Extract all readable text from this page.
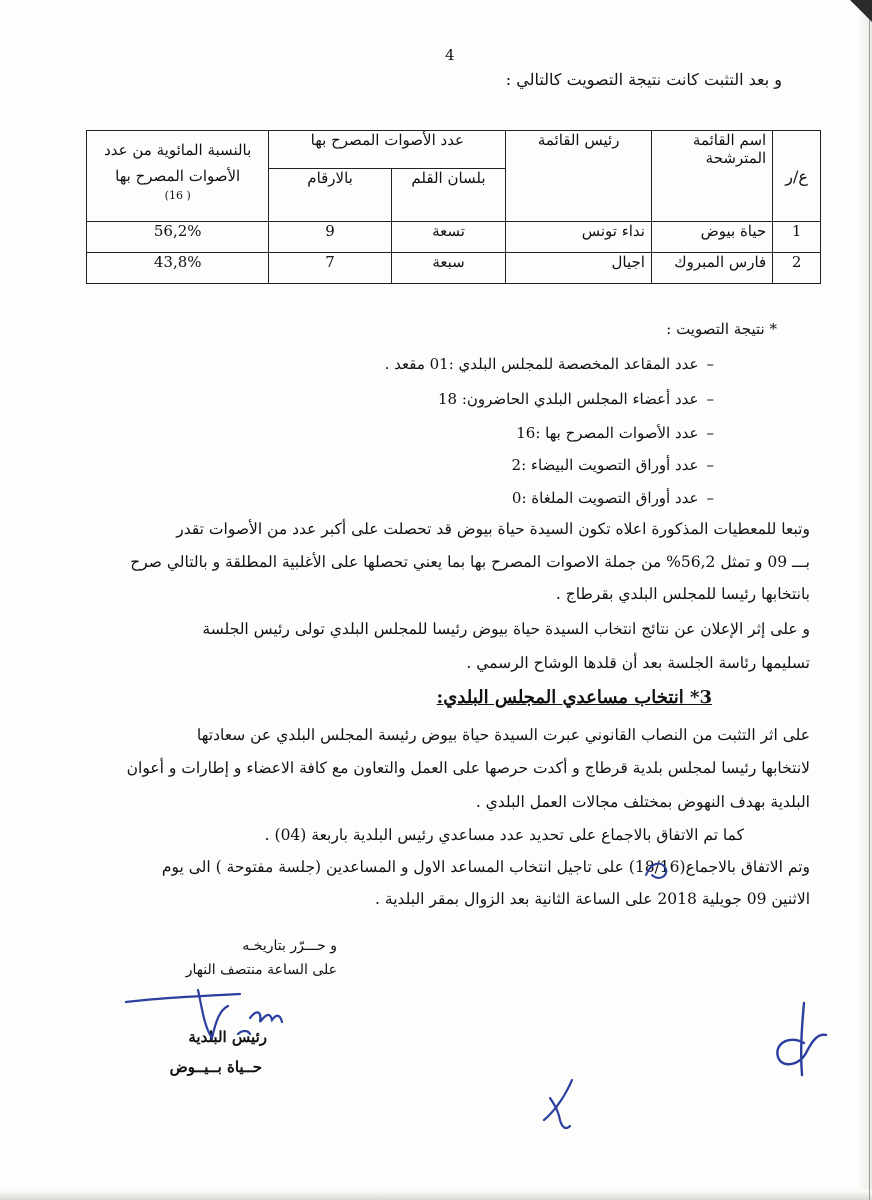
4
و بعد التثبت كانت نتيجة التصويت كالتالي :
ع/ر	اسم القائمة المترشحة	رئيس القائمة	عدد الأصوات المصرح بها		بالنسبة المائوية من عدد
الأصوات المصرح بها
( 16)

			بلسان القلم	بالارقام	
1	حياة بيوض	نداء تونس	تسعة	9	56,2%
2	فارس المبروك	اجيال	سبعة	7	43,8%
* نتيجة التصويت :
–عدد المقاعد المخصصة للمجلس البلدي :01 مقعد .
–عدد أعضاء المجلس البلدي الحاضرون: 18
–عدد الأصوات المصرح بها :16
–عدد أوراق التصويت البيضاء :2
–عدد أوراق التصويت الملغاة :0
وتبعا للمعطيات المذكورة اعلاه تكون السيدة حياة بيوض قد تحصلت على أكبر عدد من الأصوات تقدر
بـــ 09 و تمثل 56,2% من جملة الاصوات المصرح بها بما يعني تحصلها على الأغلبية المطلقة و بالتالي صرح
بانتخابها رئيسا للمجلس البلدي بقرطاج .
و على إثر الإعلان عن نتائج انتخاب السيدة حياة بيوض رئيسا للمجلس البلدي تولى رئيس الجلسة
تسليمها رئاسة الجلسة بعد أن قلدها الوشاح الرسمي .
3* انتخاب مساعدي المجلس البلدي:
على اثر التثبت من النصاب القانوني عبرت السيدة حياة بيوض رئيسة المجلس البلدي عن سعادتها
لانتخابها رئيسا لمجلس بلدية قرطاج و أكدت حرصها على العمل والتعاون مع كافة الاعضاء و إطارات و أعوان
البلدية بهدف النهوض بمختلف مجالات العمل البلدي .
كما تم الاتفاق بالاجماع على تحديد عدد مساعدي رئيس البلدية باربعة (04) .
وتم الاتفاق بالاجماع(18/16) على تاجيل انتخاب المساعد الاول و المساعدين (جلسة مفتوحة ) الى يوم
الاثنين 09 جويلية 2018 على الساعة الثانية بعد الزوال بمقر البلدية .
و حـــرّر بتاريخـه
على الساعة منتصف النهار
رئيس البلدية
حــياة بــيــوض
